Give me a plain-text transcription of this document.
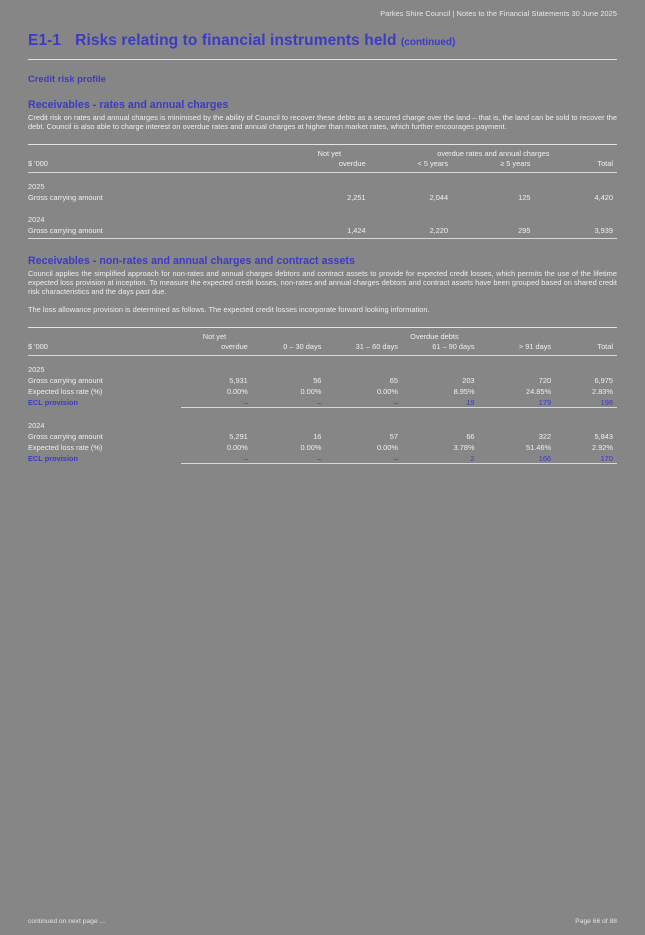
Parkes Shire Council | Notes to the Financial Statements 30 June 2025
E1-1 Risks relating to financial instruments held (continued)
Credit risk profile
Receivables - rates and annual charges
Credit risk on rates and annual charges is minimised by the ability of Council to recover these debts as a secured charge over the land – that is, the land can be sold to recover the debt. Council is also able to charge interest on overdue rates and annual charges at higher than market rates, which further encourages payment.

	Not yet	overdue rates and annual charges		
$ '000	overdue	< 5 years	≥ 5 years	Total

2025				
Gross carrying amount	2,251	2,044	125	4,420

2024				
Gross carrying amount	1,424	2,220	295	3,939

Receivables - non-rates and annual charges and contract assets
Council applies the simplified approach for non-rates and annual charges debtors and contract assets to provide for expected credit losses, which permits the use of the lifetime expected loss provision at inception. To measure the expected credit losses, non-rates and annual charges debtors and contract assets have been grouped based on shared credit risk characteristics and the days past due.
The loss allowance provision is determined as follows. The expected credit losses incorporate forward looking information.

	Not yet	Overdue debts				
$ '000	overdue	0 – 30 days	31 – 60 days	61 – 90 days	> 91 days	Total

2025						
Gross carrying amount	5,931	56	65	203	720	6,975
Expected loss rate (%)	0.00%	0.00%	0.00%	8.95%	24.85%	2.83%
ECL provision	–	–	–	19	179	198

2024						
Gross carrying amount	5,291	16	57	66	322	5,843
Expected loss rate (%)	0.00%	0.00%	0.00%	3.78%	51.46%	2.92%
ECL provision	–	–	–	2	166	170
continued on next page ...	Page 66 of 88
